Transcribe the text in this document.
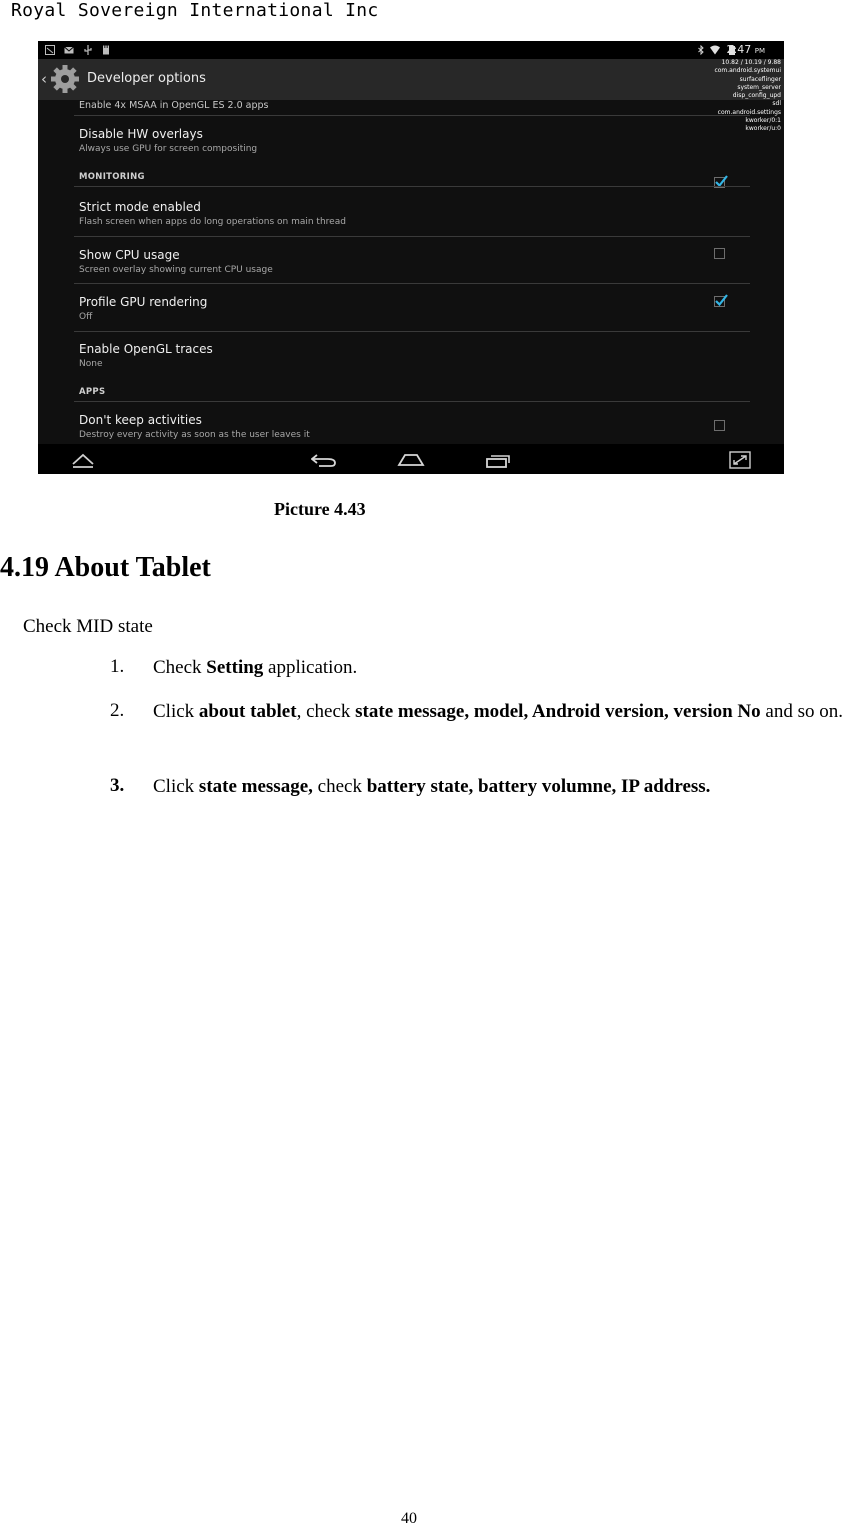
Royal Sovereign International Inc
2:47 PM
‹	Developer options
Enable 4x MSAA in OpenGL ES 2.0 apps
Disable HW overlays
Always use GPU for screen compositing
MONITORING
Strict mode enabled
Flash screen when apps do long operations on main thread
Show CPU usage
Screen overlay showing current CPU usage
Profile GPU rendering
Off
Enable OpenGL traces
None
APPS
Don't keep activities
Destroy every activity as soon as the user leaves it
10.82 / 10.19 / 9.88
com.android.systemui
surfaceflinger
system_server
disp_config_upd
sdl
com.android.settings
kworker/0:1
kworker/u:0
Picture 4.43
4.19 About Tablet
Check MID state
1. Check Setting application.
2. Click about tablet, check state message, model, Android version, version No and so on.
3. Click state message, check battery state, battery volumne, IP address.
40
